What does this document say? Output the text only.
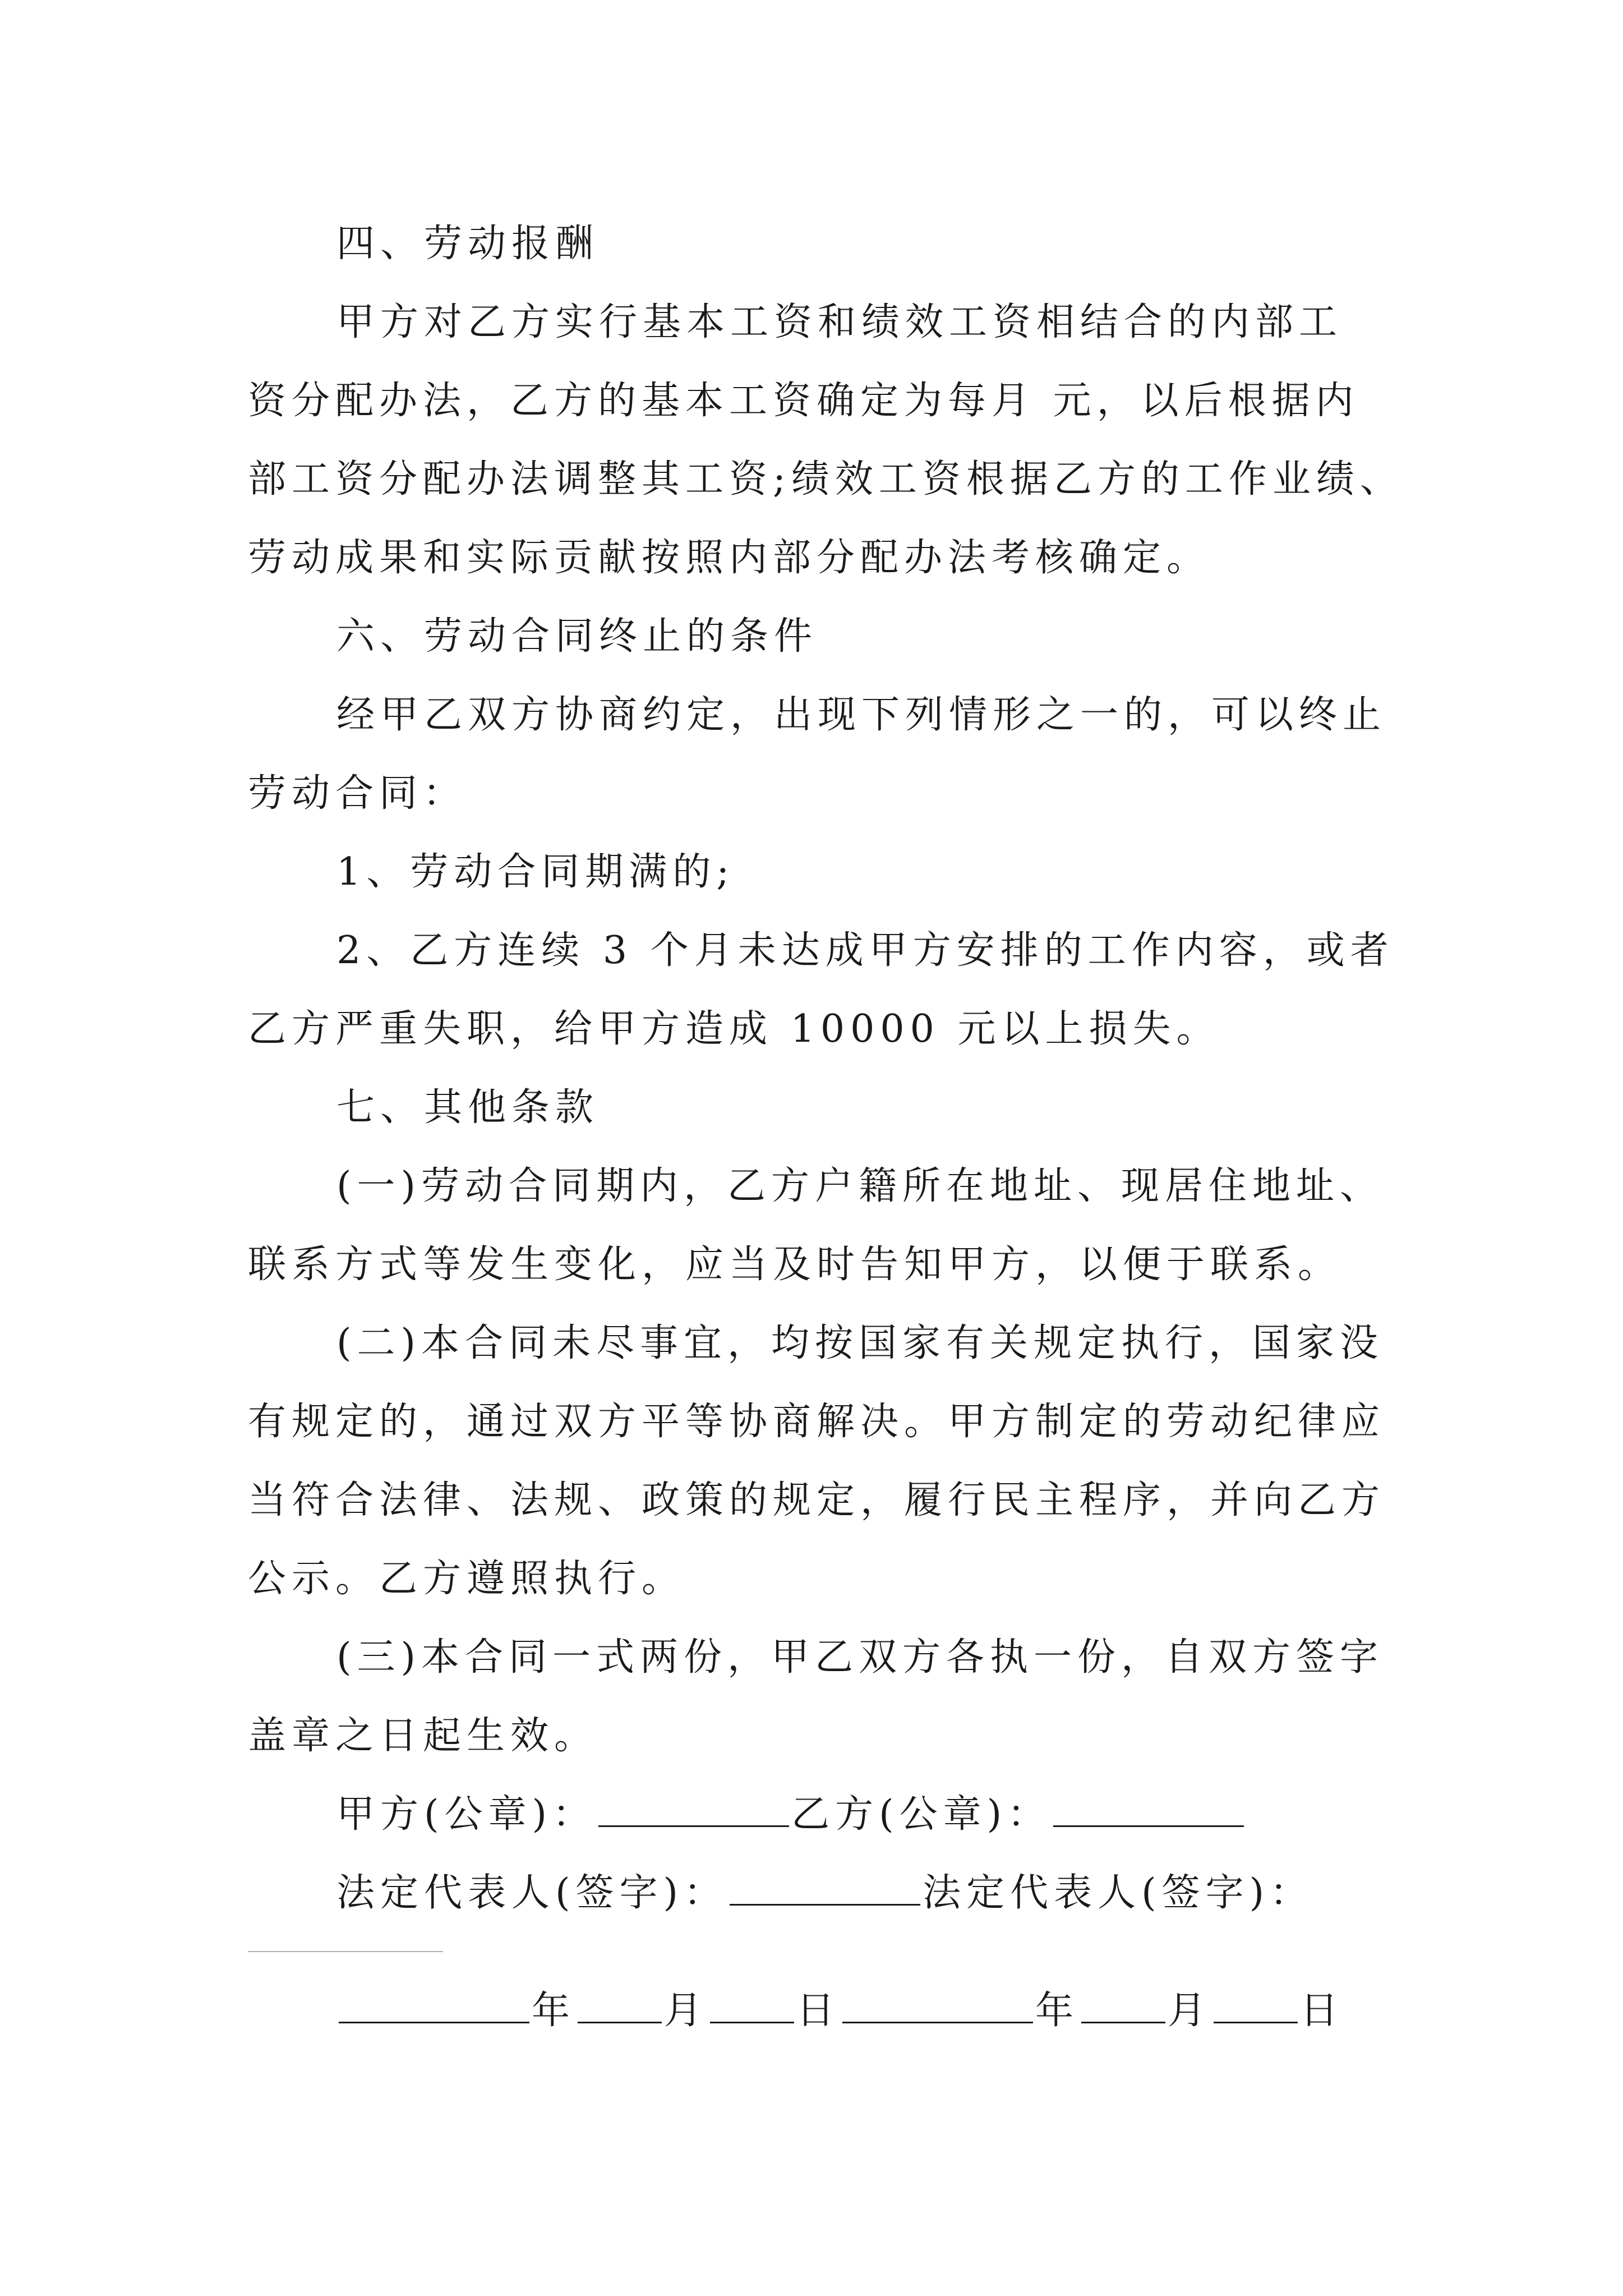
四、劳动报酬
甲方对乙方实行基本工资和绩效工资相结合的内部工
资分配办法，乙方的基本工资确定为每月 元，以后根据内
部工资分配办法调整其工资;绩效工资根据乙方的工作业绩、
劳动成果和实际贡献按照内部分配办法考核确定。
六、劳动合同终止的条件
经甲乙双方协商约定，出现下列情形之一的，可以终止
劳动合同：
1、劳动合同期满的;
2、乙方连续 3 个月未达成甲方安排的工作内容，或者
乙方严重失职，给甲方造成 10000 元以上损失。
七、其他条款
(一)劳动合同期内，乙方户籍所在地址、现居住地址、
联系方式等发生变化，应当及时告知甲方，以便于联系。
(二)本合同未尽事宜，均按国家有关规定执行，国家没
有规定的，通过双方平等协商解决。甲方制定的劳动纪律应
当符合法律、法规、政策的规定，履行民主程序，并向乙方
公示。乙方遵照执行。
(三)本合同一式两份，甲乙双方各执一份，自双方签字
盖章之日起生效。
甲方(公章)：	乙方(公章)：
法定代表人(签字)：	法定代表人(签字)：
年 月 日	年 月 日
